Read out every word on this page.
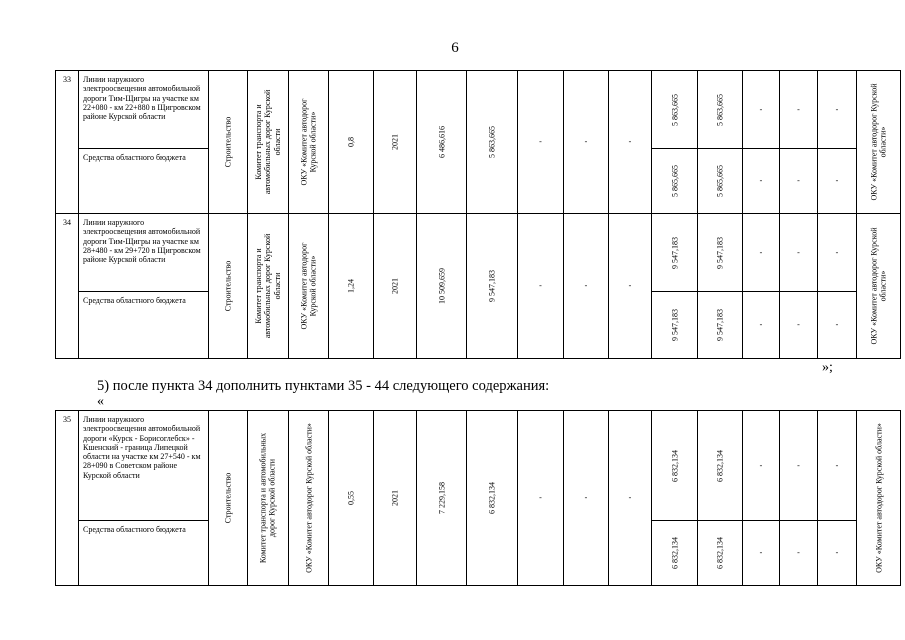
6
33	Линии наружного электроосвещения автомобильной дороги Тим-Щигры на участке км 22+080 - км 22+880 в Щигровском районе Курской области	Строительство	Комитет транспорта и автомобильных дорог Курской области	ОКУ «Комитет автодорог Курской области»	0,8	2021	6 486,616	5 863,665	-	-	-	5 863,665	5 863,665	-	-	-	ОКУ «Комитет автодорог Курской области»

	Средства областного бюджета											5 865,665	5 865,665	-	-	-	
34	Линии наружного электроосвещения автомобильной дороги Тим-Щигры на участке км 28+480 - км 29+720 в Щигровском районе Курской области	Строительство	Комитет транспорта и автомобильных дорог Курской области	ОКУ «Комитет автодорог Курской области»	1,24	2021	10 509,659	9 547,183	-	-	-	9 547,183	9 547,183	-	-	-	ОКУ «Комитет автодорог Курской области»

	Средства областного бюджета											9 547,183	9 547,183	-	-	-	
»;
5) после пункта 34 дополнить пунктами 35 - 44 следующего содержания:
«
35	Линии наружного электроосвещения автомобильной дороги «Курск - Борисоглебск» - Кшенский - граница Липецкой области на участке км 27+540 - км 28+090 в Советском районе Курской области	Строительство	Комитет транспорта и автомобильных дорог Курской области	ОКУ «Комитет автодорог Курской области»	0,55	2021	7 229,158	6 832,134	-	-	-	6 832,134	6 832,134	-	-	-	ОКУ «Комитет автодорог Курской области»

	Средства областного бюджета											6 832,134	6 832,134	-	-	-	
